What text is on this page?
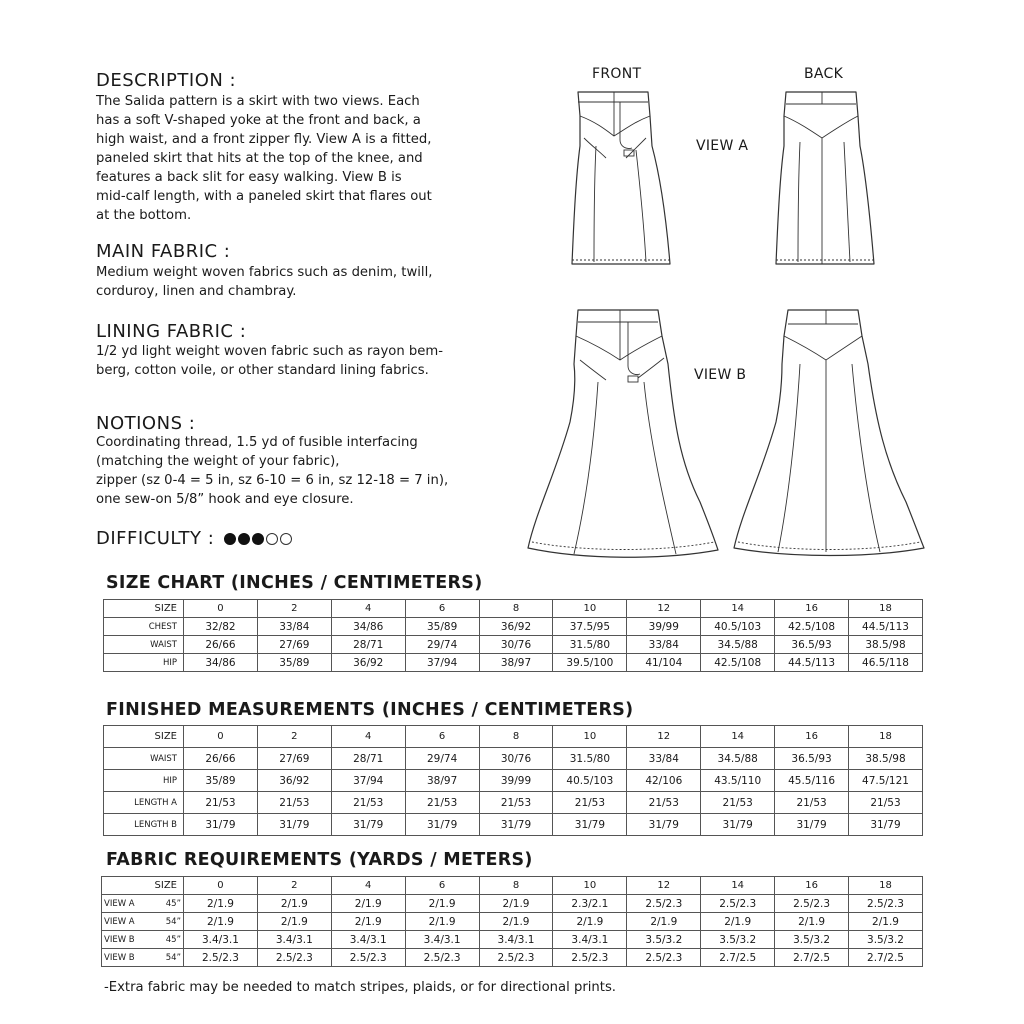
DESCRIPTION :
The Salida pattern is a skirt with two views. Each
has a soft V-shaped yoke at the front and back, a
high waist, and a front zipper fly. View A is a fitted,
paneled skirt that hits at the top of the knee, and
features a back slit for easy walking. View B is
mid-calf length, with a paneled skirt that flares out
at the bottom.
MAIN FABRIC :
Medium weight woven fabrics such as denim, twill,
corduroy, linen and chambray.
LINING FABRIC :
1/2 yd light weight woven fabric such as rayon bem-
berg, cotton voile, or other standard lining fabrics.
NOTIONS :
Coordinating thread, 1.5 yd of fusible interfacing
(matching the weight of your fabric),
zipper (sz 0-4 = 5 in, sz 6-10 = 6 in, sz 12-18 = 7 in),
one sew-on 5/8” hook and eye closure.
DIFFICULTY :
FRONT	BACK
VIEW A
VIEW B
SIZE CHART (INCHES / CENTIMETERS)
SIZE	0	2	4	6	8	10	12	14	16	18
CHEST	32/82	33/84	34/86	35/89	36/92	37.5/95	39/99	40.5/103	42.5/108	44.5/113
WAIST	26/66	27/69	28/71	29/74	30/76	31.5/80	33/84	34.5/88	36.5/93	38.5/98
HIP	34/86	35/89	36/92	37/94	38/97	39.5/100	41/104	42.5/108	44.5/113	46.5/118
FINISHED MEASUREMENTS (INCHES / CENTIMETERS)
SIZE	0	2	4	6	8	10	12	14	16	18
WAIST	26/66	27/69	28/71	29/74	30/76	31.5/80	33/84	34.5/88	36.5/93	38.5/98
HIP	35/89	36/92	37/94	38/97	39/99	40.5/103	42/106	43.5/110	45.5/116	47.5/121
LENGTH A	21/53	21/53	21/53	21/53	21/53	21/53	21/53	21/53	21/53	21/53
LENGTH B	31/79	31/79	31/79	31/79	31/79	31/79	31/79	31/79	31/79	31/79
FABRIC REQUIREMENTS (YARDS / METERS)
SIZE	0	2	4	6	8	10	12	14	16	18

VIEW A 45”	2/1.9	2/1.9	2/1.9	2/1.9	2/1.9	2.3/2.1	2.5/2.3	2.5/2.3	2.5/2.3	2.5/2.3

VIEW A 54”	2/1.9	2/1.9	2/1.9	2/1.9	2/1.9	2/1.9	2/1.9	2/1.9	2/1.9	2/1.9

VIEW B 45”	3.4/3.1	3.4/3.1	3.4/3.1	3.4/3.1	3.4/3.1	3.4/3.1	3.5/3.2	3.5/3.2	3.5/3.2	3.5/3.2

VIEW B 54”	2.5/2.3	2.5/2.3	2.5/2.3	2.5/2.3	2.5/2.3	2.5/2.3	2.5/2.3	2.7/2.5	2.7/2.5	2.7/2.5

-Extra fabric may be needed to match stripes, plaids, or for directional prints.
